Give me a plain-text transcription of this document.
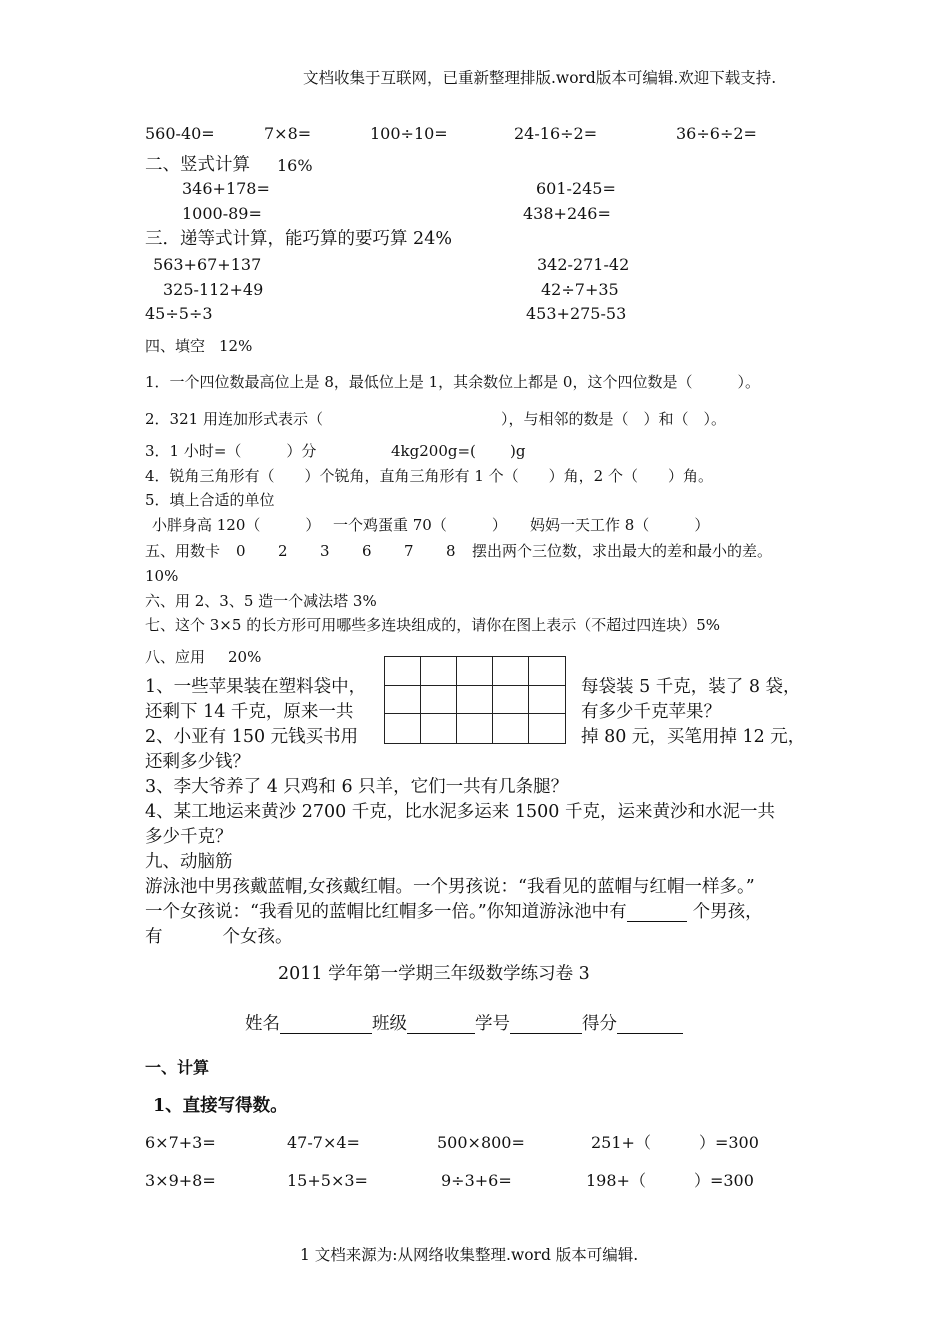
文档收集于互联网，已重新整理排版.word版本可编辑.欢迎下载支持.
560-40=	7×8=	100÷10=	24-16÷2=	36÷6÷2=
二、竖式计算 16%
346+178=	601-245=
1000-89=	438+246=
三．递等式计算，能巧算的要巧算 24%
563+67+137	342-271-42
325-112+49	42÷7+35
45÷5÷3	453+275-53
四、填空 12%
1．一个四位数最高位上是 8，最低位上是 1，其余数位上都是 0，这个四位数是（　　　）。
2．321 用连加形式表示（	），与相邻的数是（　）和（　）。
3．1 小时=（　　　）分	4kg200g=( )g
4．锐角三角形有（　　）个锐角，直角三角形有 1 个（　　）角，2 个（　　）角。
5．填上合适的单位
小胖身高 120（　　　） 一个鸡蛋重 70（　　　） 妈妈一天工作 8（　　　）
五、用数卡 0 2 3 6 7 8 摆出两个三位数，求出最大的差和最小的差。
10%
六、用 2、3、5 造一个减法塔 3%
七、这个 3×5 的长方形可用哪些多连块组成的，请你在图上表示（不超过四连块）5%
八、应用 20%
1、一些苹果装在塑料袋中，	每袋装 5 千克，装了 8 袋，
还剩下 14 千克，原来一共	有多少千克苹果？
2、小亚有 150 元钱买书用	掉 80 元，买笔用掉 12 元，
还剩多少钱？
3、李大爷养了 4 只鸡和 6 只羊，它们一共有几条腿？
4、某工地运来黄沙 2700 千克，比水泥多运来 1500 千克，运来黄沙和水泥一共
多少千克？
九、动脑筋
游泳池中男孩戴蓝帽,女孩戴红帽。一个男孩说：“我看见的蓝帽与红帽一样多。”
一个女孩说：“我看见的蓝帽比红帽多一倍。”你知道游泳池中有	个男孩，
有	个女孩。
2011 学年第一学期三年级数学练习卷 3
姓名	班级	学号	得分
一、计算
1、直接写得数。
6×7+3=	47-7×4=	500×800=	251+（　　　）=300
3×9+8=	15+5×3=	9÷3+6=	198+（　　　）=300
1 文档来源为:从网络收集整理.word 版本可编辑.
